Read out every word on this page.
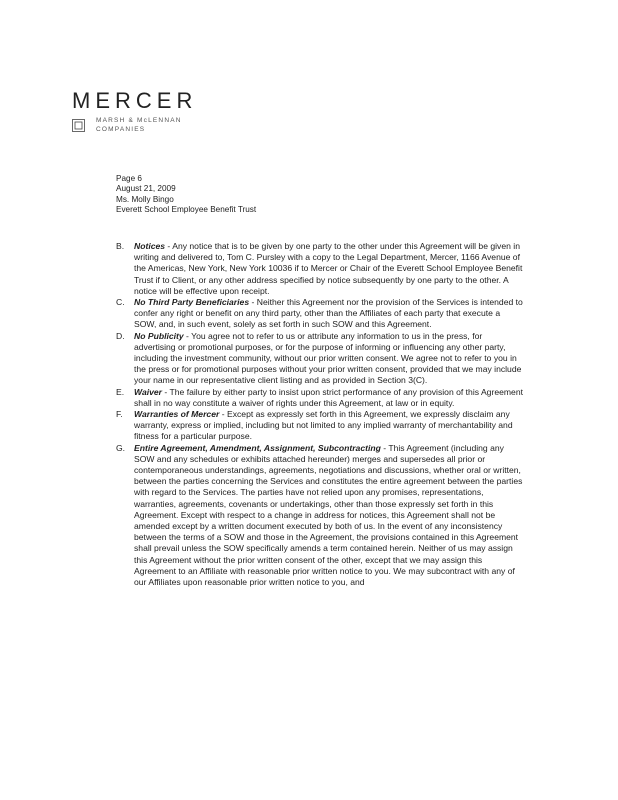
MERCER
MARSH & McLENNAN
COMPANIES
Page 6
August 21, 2009
Ms. Molly Bingo
Everett School Employee Benefit Trust
B. Notices - Any notice that is to be given by one party to the other under this Agreement will be given in writing and delivered to, Tom C. Pursley with a copy to the Legal Department, Mercer, 1166 Avenue of the Americas, New York, New York 10036 if to Mercer or Chair of the Everett School Employee Benefit Trust if to Client, or any other address specified by notice subsequently by one party to the other. A notice will be effective upon receipt.
C. No Third Party Beneficiaries - Neither this Agreement nor the provision of the Services is intended to confer any right or benefit on any third party, other than the Affiliates of each party that execute a SOW, and, in such event, solely as set forth in such SOW and this Agreement.
D. No Publicity - You agree not to refer to us or attribute any information to us in the press, for advertising or promotional purposes, or for the purpose of informing or influencing any other party, including the investment community, without our prior written consent. We agree not to refer to you in the press or for promotional purposes without your prior written consent, provided that we may include your name in our representative client listing and as provided in Section 3(C).
E. Waiver - The failure by either party to insist upon strict performance of any provision of this Agreement shall in no way constitute a waiver of rights under this Agreement, at law or in equity.
F. Warranties of Mercer - Except as expressly set forth in this Agreement, we expressly disclaim any warranty, express or implied, including but not limited to any implied warranty of merchantability and fitness for a particular purpose.
G. Entire Agreement, Amendment, Assignment, Subcontracting - This Agreement (including any SOW and any schedules or exhibits attached hereunder) merges and supersedes all prior or contemporaneous understandings, agreements, negotiations and discussions, whether oral or written, between the parties concerning the Services and constitutes the entire agreement between the parties with regard to the Services. The parties have not relied upon any promises, representations, warranties, agreements, covenants or undertakings, other than those expressly set forth in this Agreement. Except with respect to a change in address for notices, this Agreement shall not be amended except by a written document executed by both of us. In the event of any inconsistency between the terms of a SOW and those in the Agreement, the provisions contained in this Agreement shall prevail unless the SOW specifically amends a term contained herein. Neither of us may assign this Agreement without the prior written consent of the other, except that we may assign this Agreement to an Affiliate with reasonable prior written notice to you. We may subcontract with any of our Affiliates upon reasonable prior written notice to you, and
